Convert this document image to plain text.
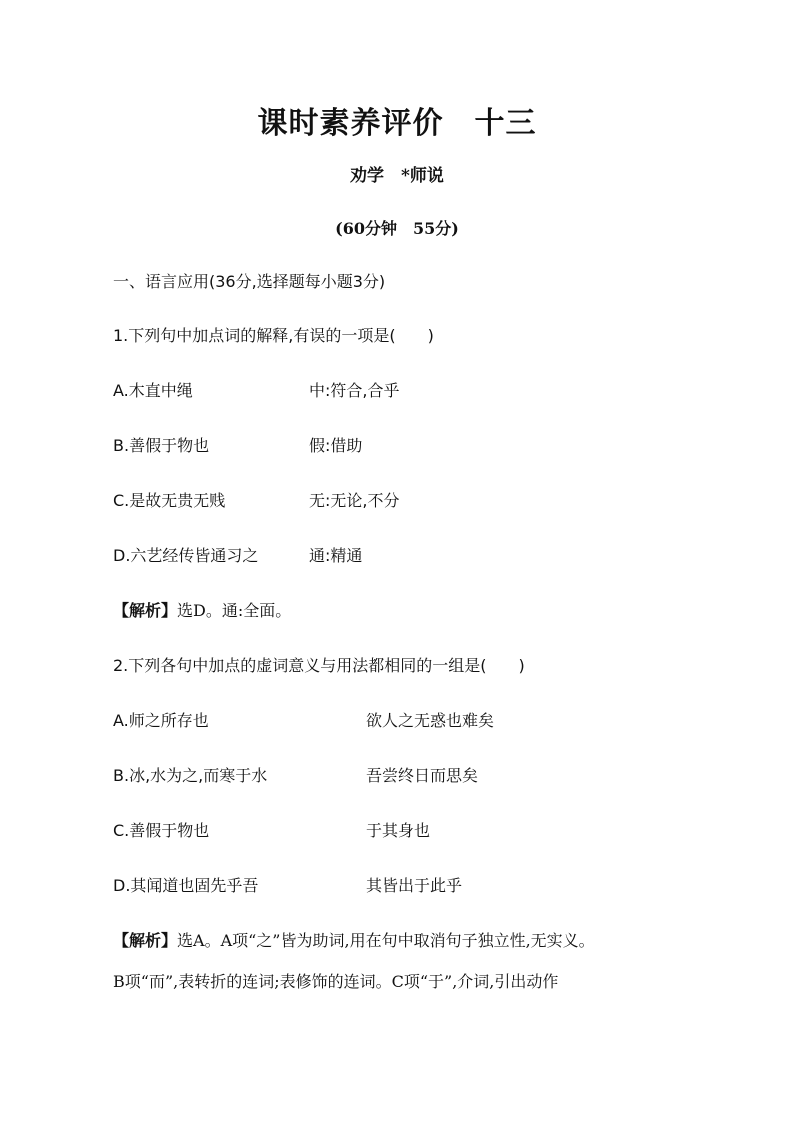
课时素养评价　十三
劝学　*师说
(60分钟　55分)
一、语言应用(36分,选择题每小题3分)
1.下列句中加点词的解释,有误的一项是(　　)
A.木直中绳	中:符合,合乎
B.善假于物也	假:借助
C.是故无贵无贱	无:无论,不分
D.六艺经传皆通习之	通:精通
【解析】选D。通:全面。
2.下列各句中加点的虚词意义与用法都相同的一组是(　　)
A.师之所存也	欲人之无惑也难矣
B.冰,水为之,而寒于水	吾尝终日而思矣
C.善假于物也	于其身也
D.其闻道也固先乎吾	其皆出于此乎
【解析】选A。A项“之”皆为助词,用在句中取消句子独立性,无实义。
B项“而”,表转折的连词;表修饰的连词。C项“于”,介词,引出动作
